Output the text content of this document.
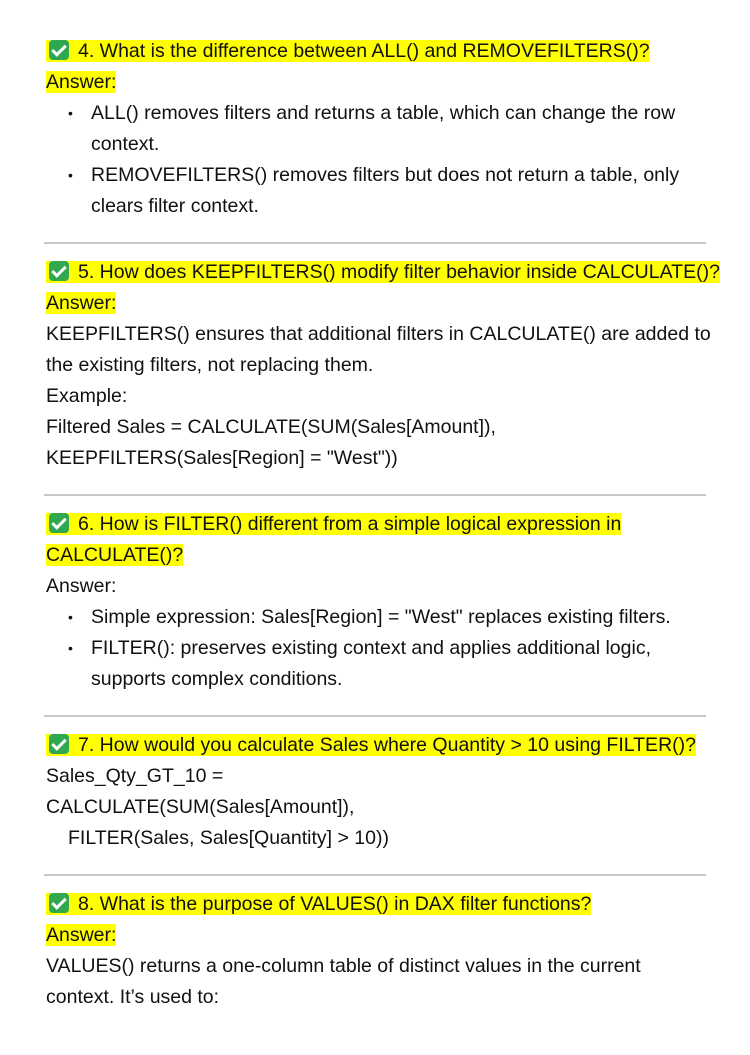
4. What is the difference between ALL() and REMOVEFILTERS()?
Answer:
• ALL() removes filters and returns a table, which can change the row
context.
• REMOVEFILTERS() removes filters but does not return a table, only
clears filter context.
5. How does KEEPFILTERS() modify filter behavior inside CALCULATE()?
Answer:
KEEPFILTERS() ensures that additional filters in CALCULATE() are added to
the existing filters, not replacing them.
Example:
Filtered Sales = CALCULATE(SUM(Sales[Amount]),
KEEPFILTERS(Sales[Region] = "West"))
6. How is FILTER() different from a simple logical expression in
CALCULATE()?
Answer:
• Simple expression: Sales[Region] = "West" replaces existing filters.
• FILTER(): preserves existing context and applies additional logic,
supports complex conditions.
7. How would you calculate Sales where Quantity > 10 using FILTER()?
Sales_Qty_GT_10 =
CALCULATE(SUM(Sales[Amount]),
FILTER(Sales, Sales[Quantity] > 10))
8. What is the purpose of VALUES() in DAX filter functions?
Answer:
VALUES() returns a one-column table of distinct values in the current
context. It’s used to:
